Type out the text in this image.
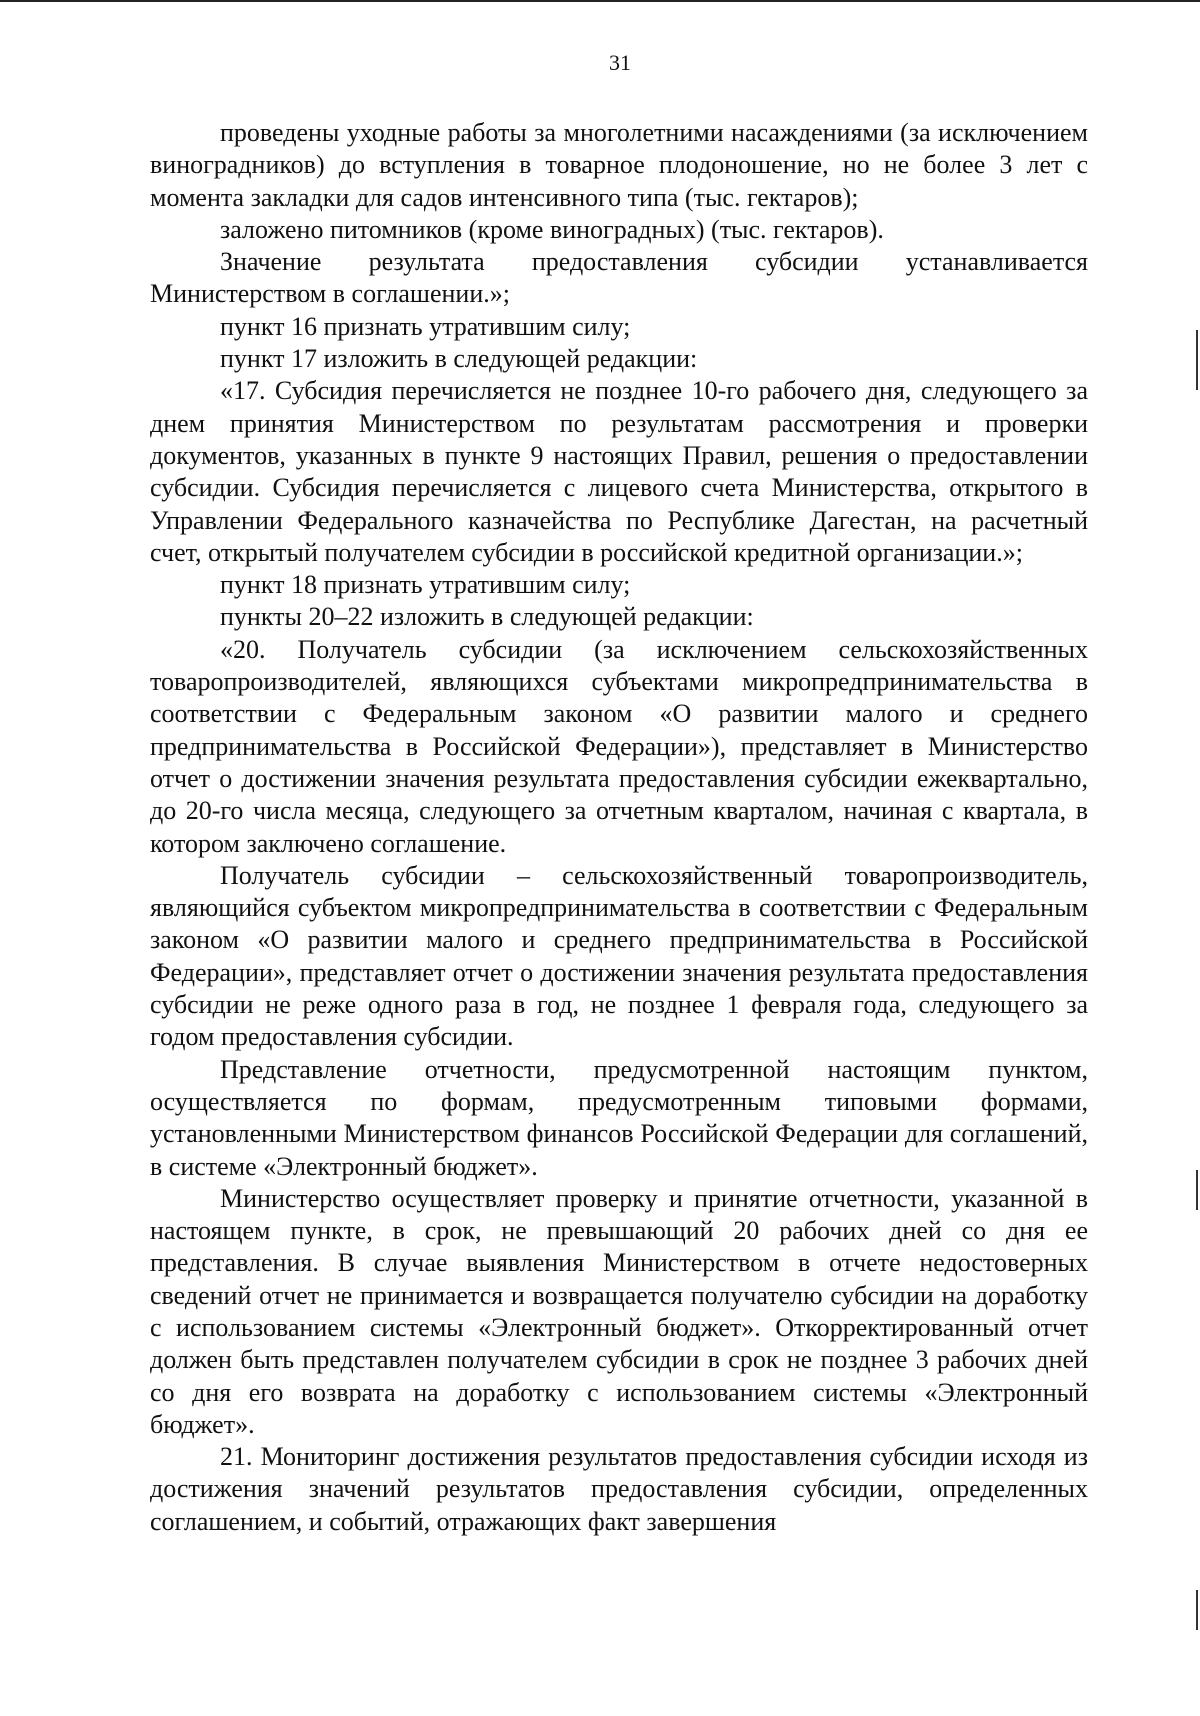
31

проведены уходные работы за многолетними насаждениями (за исключением виноградников) до вступления в товарное плодоношение, но не более 3 лет с момента закладки для садов интенсивного типа (тыс. гектаров);

заложено питомников (кроме виноградных) (тыс. гектаров).

Значение результата предоставления субсидии устанавливается Министерством в соглашении.»;

пункт 16 признать утратившим силу;

пункт 17 изложить в следующей редакции:

«17. Субсидия перечисляется не позднее 10-го рабочего дня, следующего за днем принятия Министерством по результатам рассмотрения и проверки документов, указанных в пункте 9 настоящих Правил, решения о предоставлении субсидии. Субсидия перечисляется с лицевого счета Министерства, открытого в Управлении Федерального казначейства по Республике Дагестан, на расчетный счет, открытый получателем субсидии в российской кредитной организации.»;

пункт 18 признать утратившим силу;

пункты 20–22 изложить в следующей редакции:

«20. Получатель субсидии (за исключением сельскохозяйственных товаропроизводителей, являющихся субъектами микропредпринимательства в соответствии с Федеральным законом «О развитии малого и среднего предпринимательства в Российской Федерации»), представляет в Министерство отчет о достижении значения результата предоставления субсидии ежеквартально, до 20-го числа месяца, следующего за отчетным кварталом, начиная с квартала, в котором заключено соглашение.

Получатель субсидии – сельскохозяйственный товаропроизводитель, являющийся субъектом микропредпринимательства в соответствии с Федеральным законом «О развитии малого и среднего предпринимательства в Российской Федерации», представляет отчет о достижении значения результата предоставления субсидии не реже одного раза в год, не позднее 1 февраля года, следующего за годом предоставления субсидии.

Представление отчетности, предусмотренной настоящим пунктом, осуществляется по формам, предусмотренным типовыми формами, установленными Министерством финансов Российской Федерации для соглашений, в системе «Электронный бюджет».

Министерство осуществляет проверку и принятие отчетности, указанной в настоящем пункте, в срок, не превышающий 20 рабочих дней со дня ее представления. В случае выявления Министерством в отчете недостоверных сведений отчет не принимается и возвращается получателю субсидии на доработку с использованием системы «Электронный бюджет». Откорректированный отчет должен быть представлен получателем субсидии в срок не позднее 3 рабочих дней со дня его возврата на доработку с использованием системы «Электронный бюджет».

21. Мониторинг достижения результатов предоставления субсидии исходя из достижения значений результатов предоставления субсидии, определенных соглашением, и событий, отражающих факт завершения
